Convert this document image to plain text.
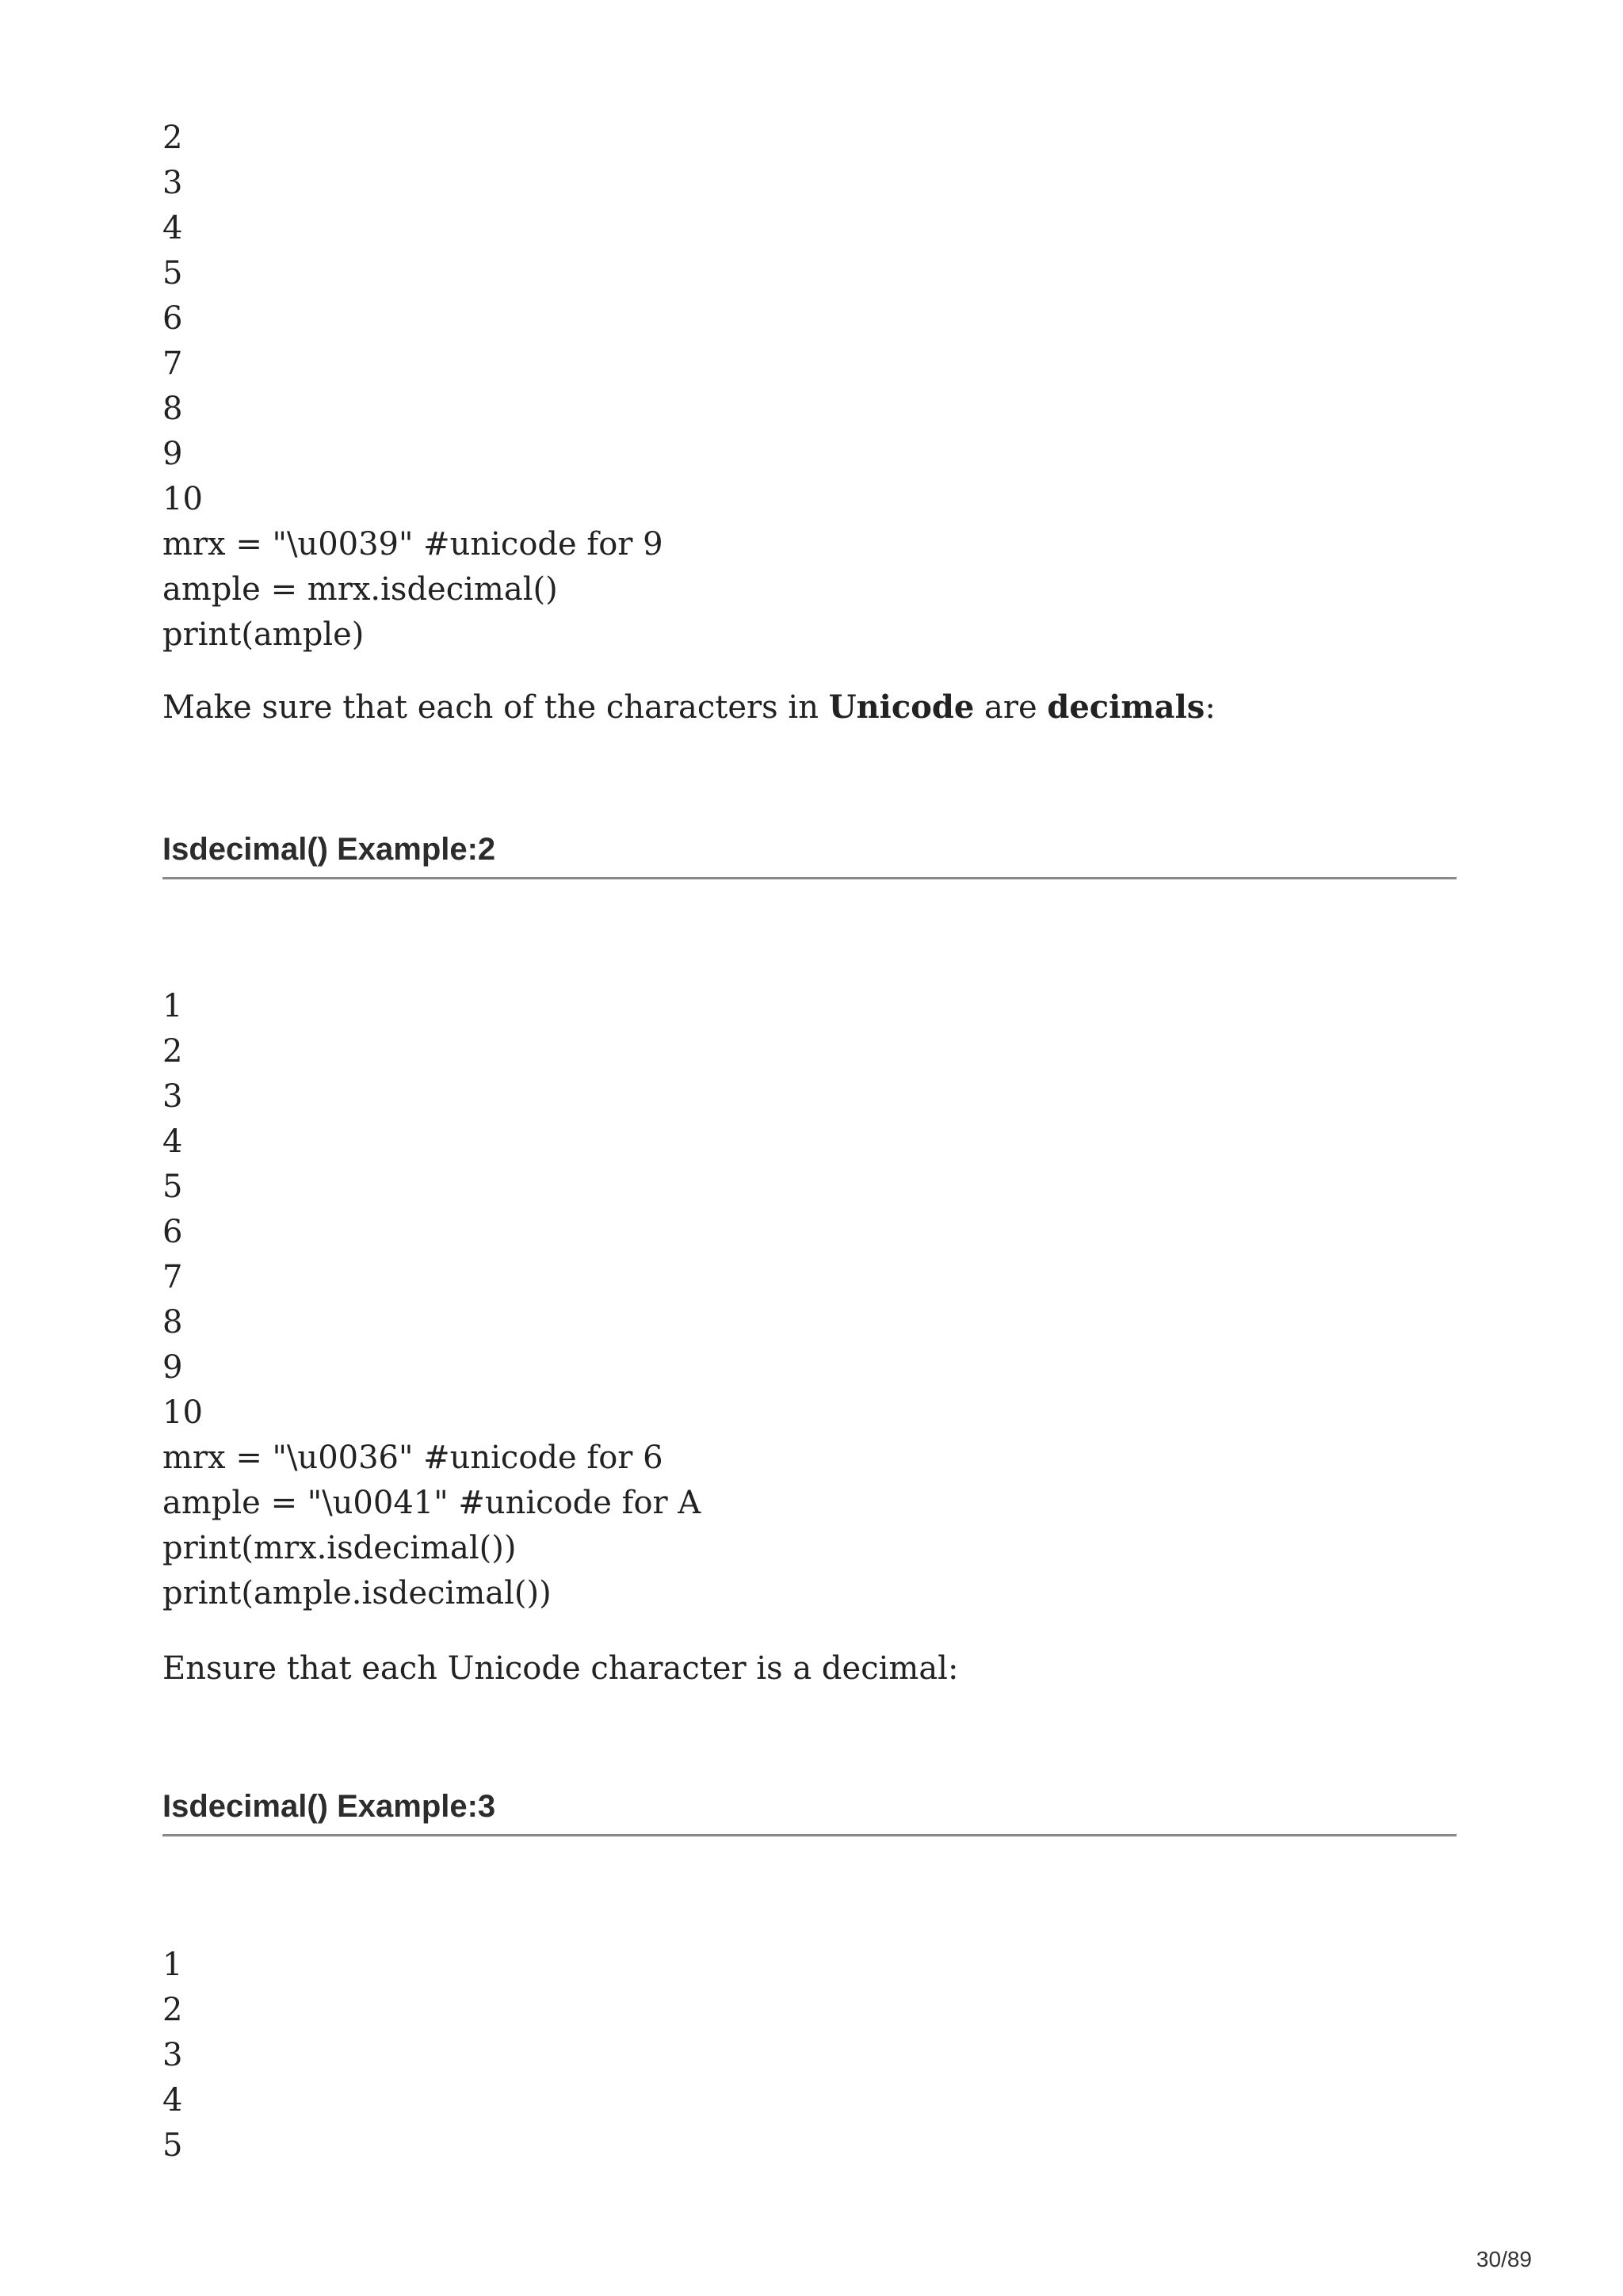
2
3
4
5
6
7
8
9
10
mrx = "\u0039" #unicode for 9
ample = mrx.isdecimal()
print(ample)
Make sure that each of the characters in Unicode are decimals:
Isdecimal() Example:2
1
2
3
4
5
6
7
8
9
10
mrx = "\u0036" #unicode for 6
ample = "\u0041" #unicode for A
print(mrx.isdecimal())
print(ample.isdecimal())
Ensure that each Unicode character is a decimal:
Isdecimal() Example:3
1
2
3
4
5
30/89
